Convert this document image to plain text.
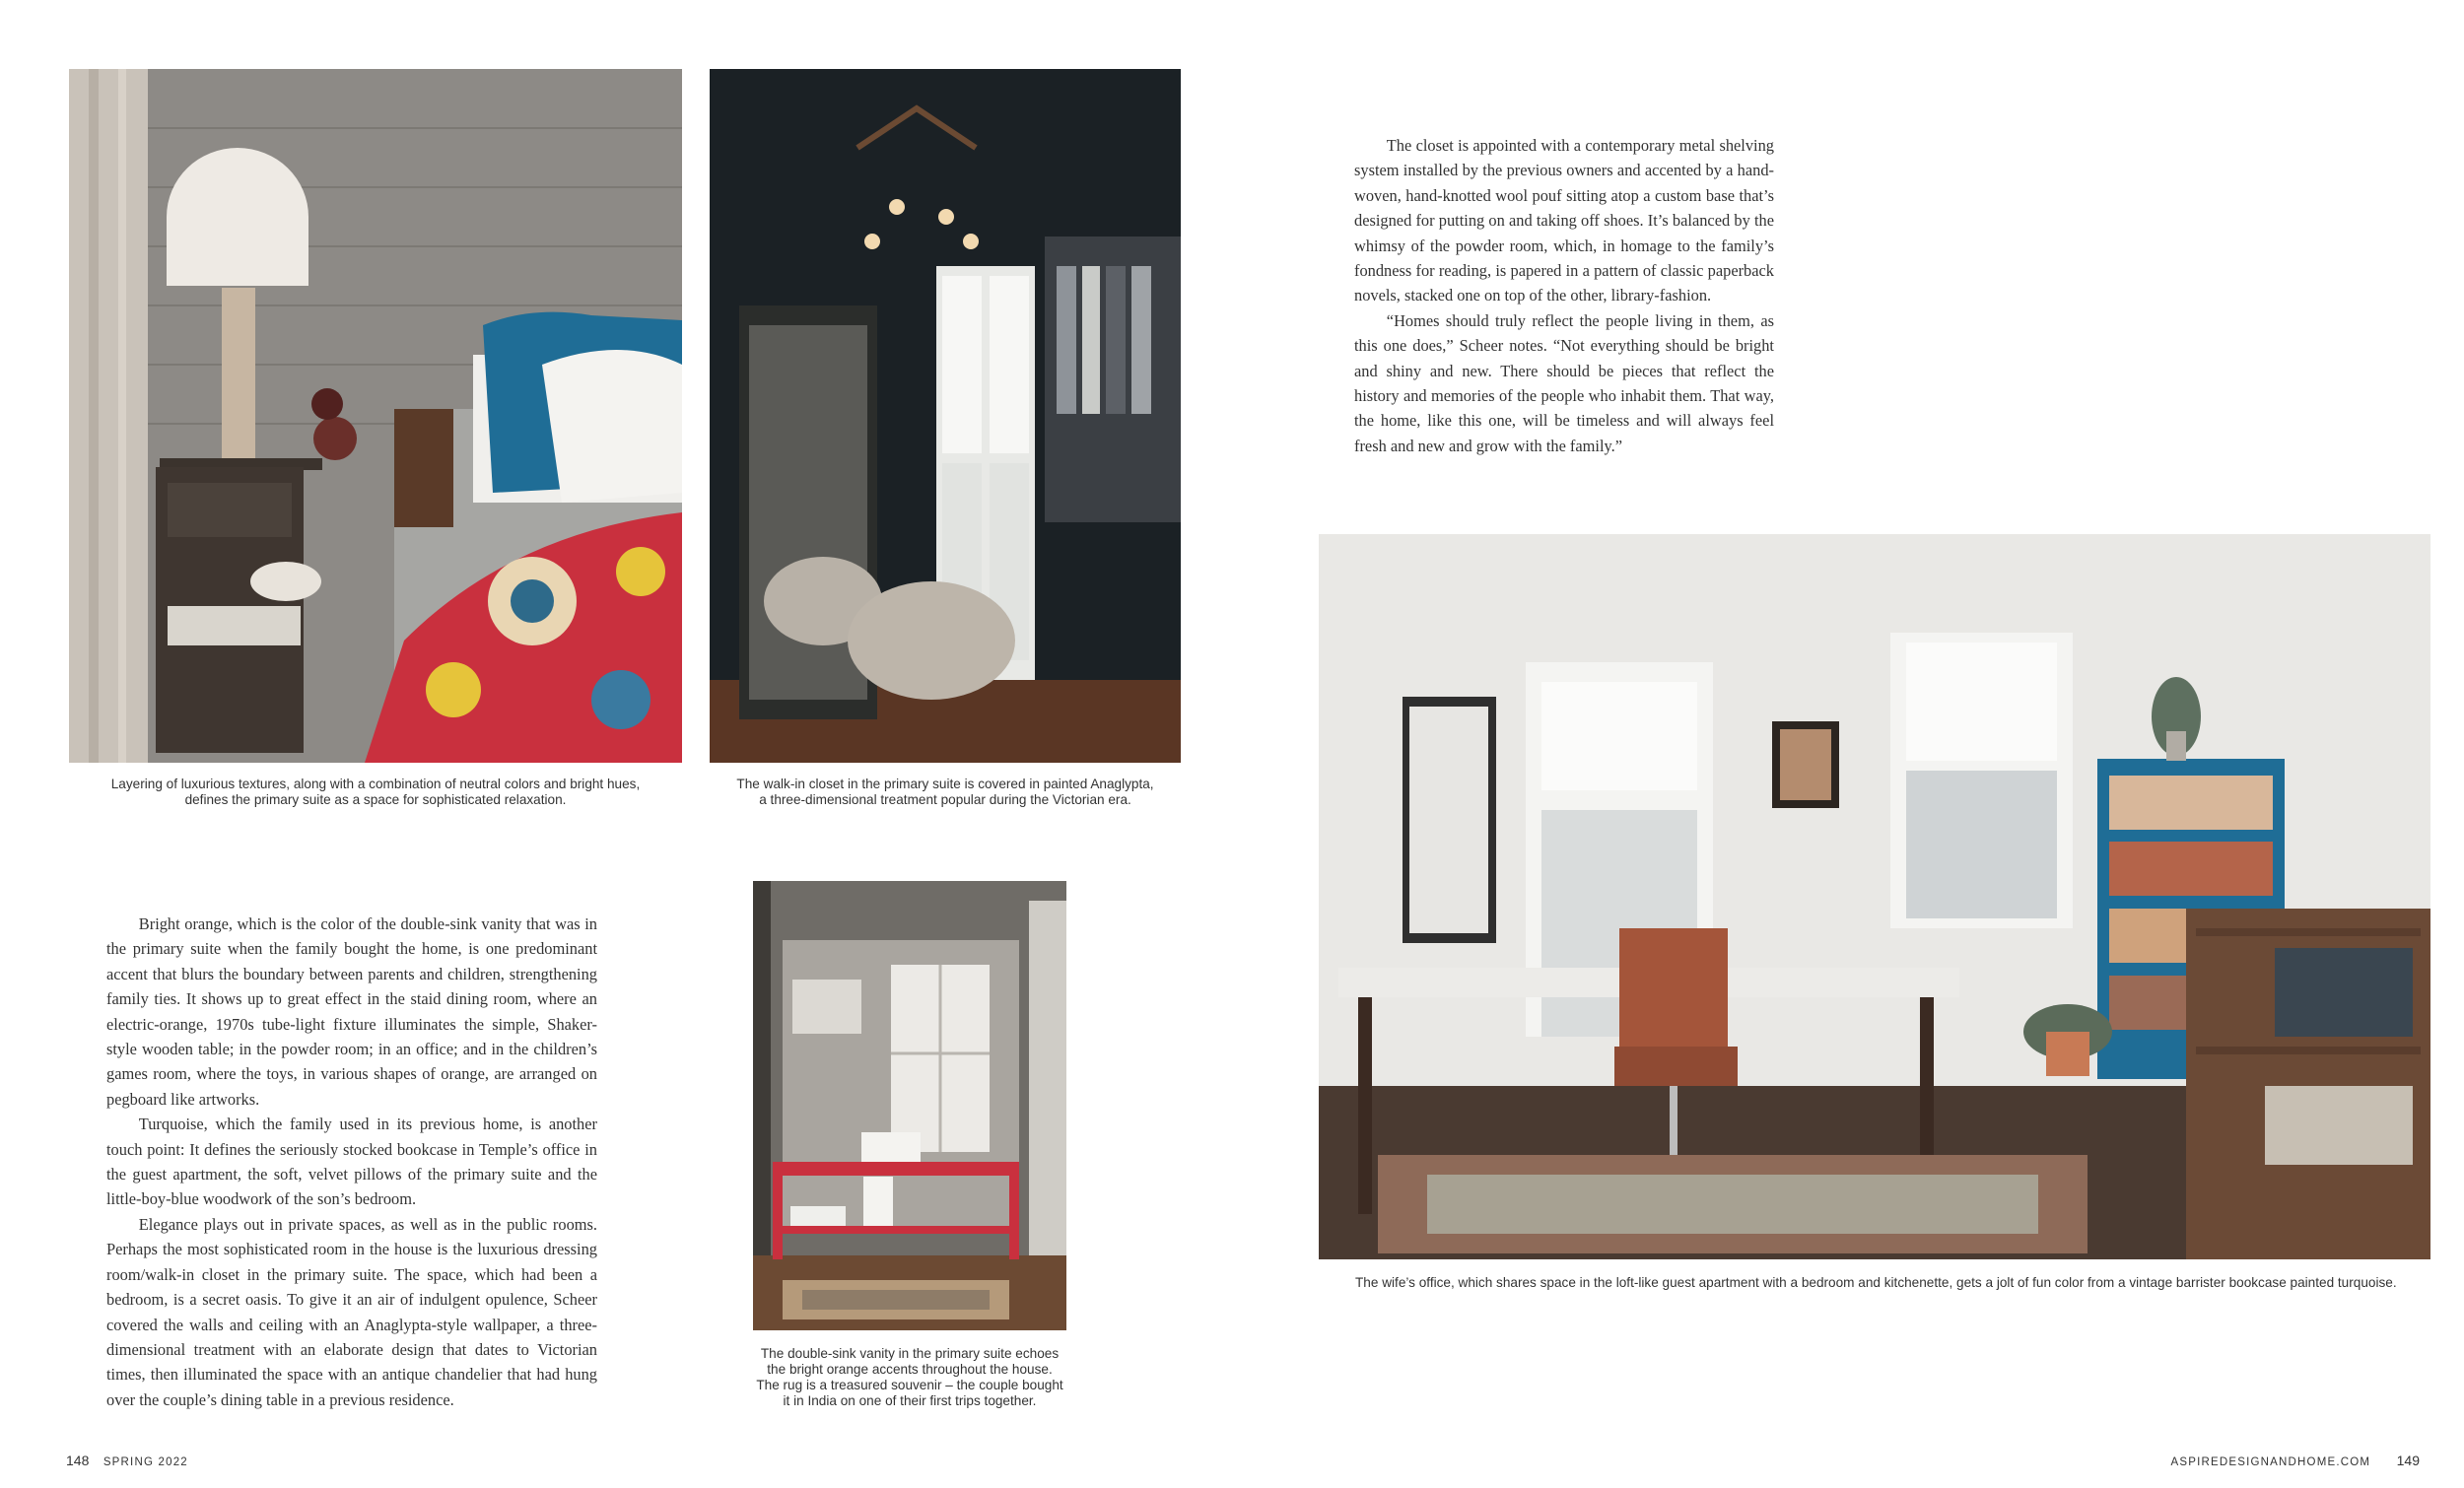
Layering of luxurious textures, along with a combination of neutral colors and bright hues,
defines the primary suite as a space for sophisticated relaxation.

The walk-in closet in the primary suite is covered in painted Anaglypta,
a three-dimensional treatment popular during the Victorian era.

Bright orange, which is the color of the double-sink vanity that was in the primary suite when the family bought the home, is one predominant accent that blurs the boundary between parents and children, strengthening family ties. It shows up to great effect in the staid dining room, where an electric-orange, 1970s tube-light fixture illuminates the simple, Shaker-style wooden table; in the powder room; in an office; and in the children’s games room, where the toys, in various shapes of orange, are arranged on pegboard like artworks.

Turquoise, which the family used in its previous home, is another touch point: It defines the seriously stocked bookcase in Temple’s office in the guest apartment, the soft, velvet pillows of the primary suite and the little-boy-blue woodwork of the son’s bedroom.

Elegance plays out in private spaces, as well as in the public rooms. Perhaps the most sophisticated room in the house is the luxurious dressing room/walk-in closet in the primary suite. The space, which had been a bedroom, is a secret oasis. To give it an air of indulgent opulence, Scheer covered the walls and ceiling with an Anaglypta-style wallpaper, a three-dimensional treatment with an elaborate design that dates to Victorian times, then illuminated the space with an antique chandelier that had hung over the couple’s dining table in a previous residence.

The double-sink vanity in the primary suite echoes
the bright orange accents throughout the house.
The rug is a treasured souvenir – the couple bought
it in India on one of their first trips together.

148 SPRING 2022

The closet is appointed with a contemporary metal shelving system installed by the previous owners and accented by a hand-woven, hand-knotted wool pouf sitting atop a custom base that’s designed for putting on and taking off shoes. It’s balanced by the whimsy of the powder room, which, in homage to the family’s fondness for reading, is papered in a pattern of classic paperback novels, stacked one on top of the other, library-fashion.

“Homes should truly reflect the people living in them, as this one does,” Scheer notes. “Not everything should be bright and shiny and new. There should be pieces that reflect the history and memories of the people who inhabit them. That way, the home, like this one, will be timeless and will always feel fresh and new and grow with the family.”

The wife’s office, which shares space in the loft-like guest apartment with a bedroom and kitchenette, gets a jolt of fun color from a vintage barrister bookcase painted turquoise.

ASPIREDESIGNANDHOME.COM 149
